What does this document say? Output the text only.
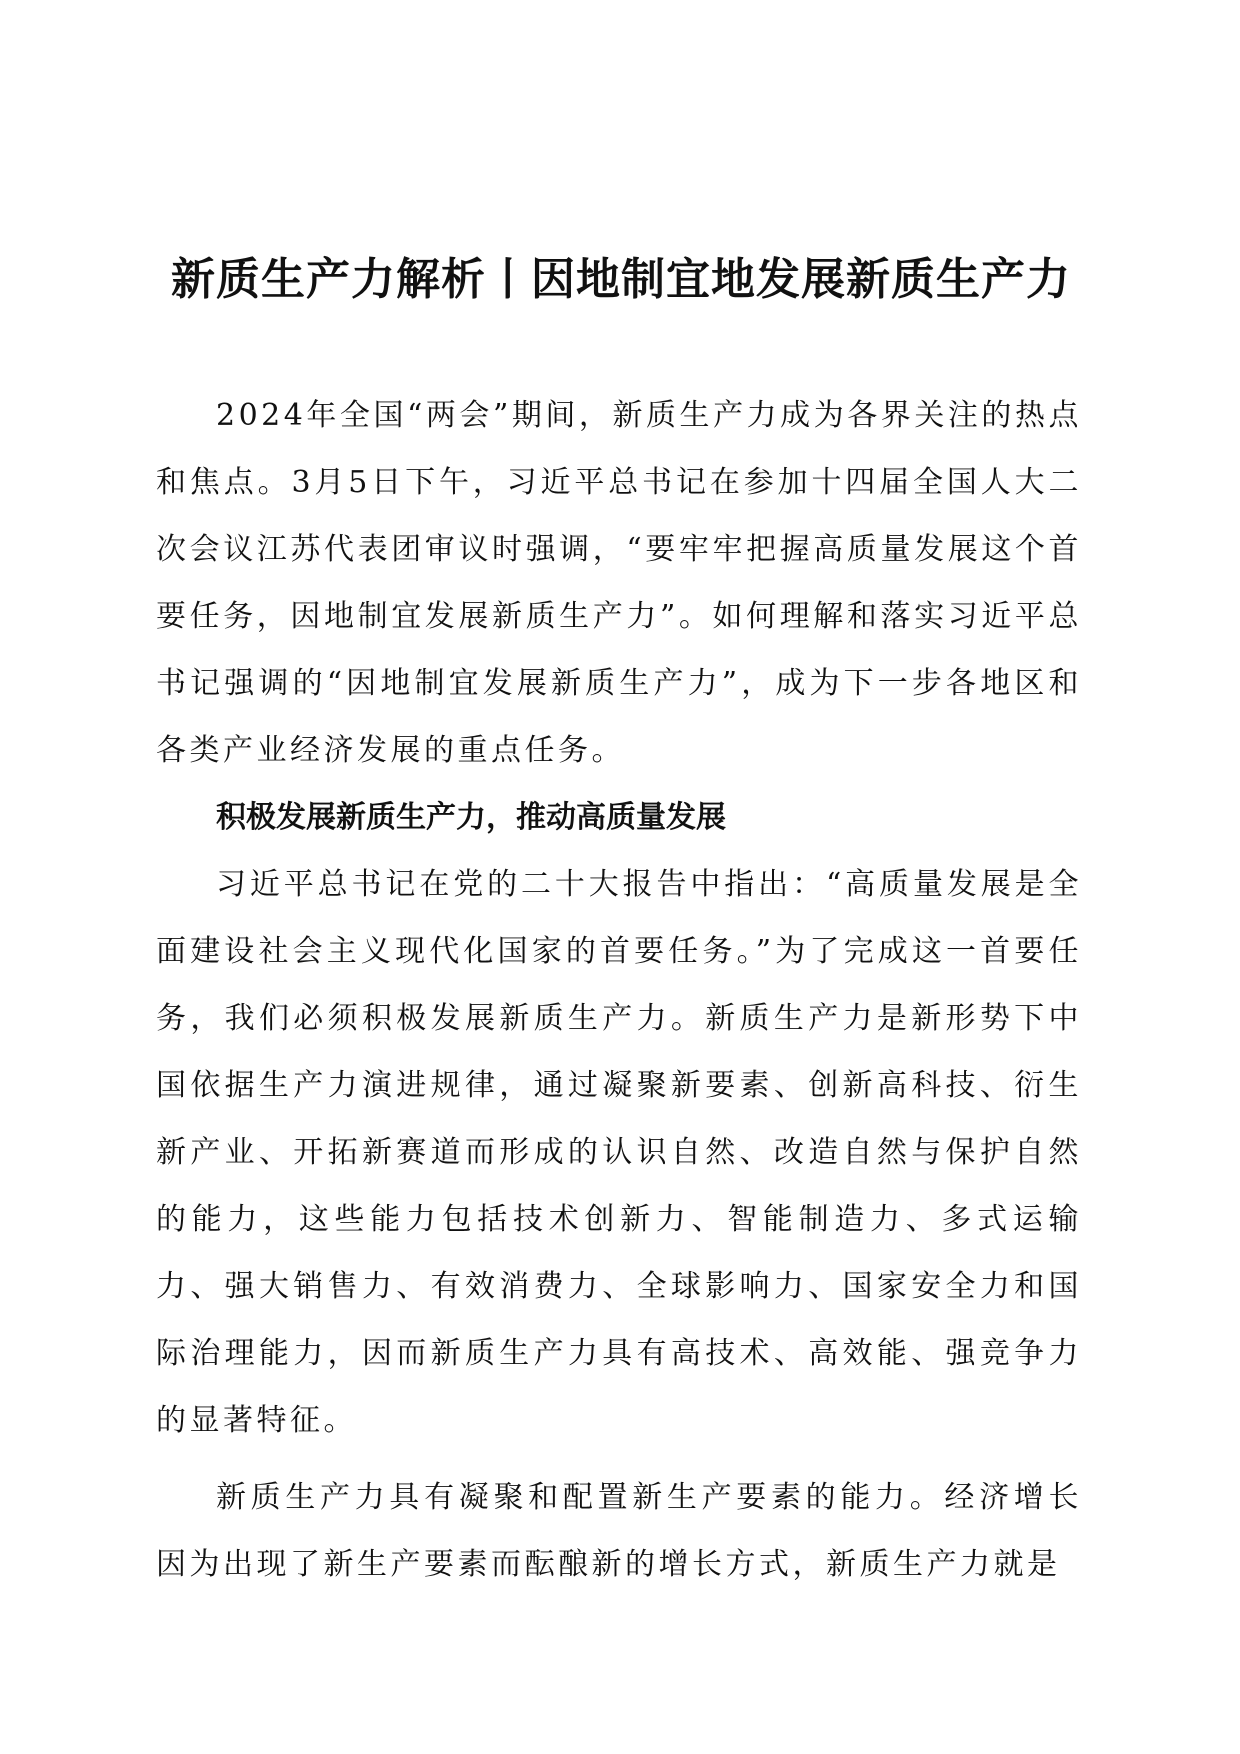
新质生产力解析丨因地制宜地发展新质生产力

2024年全国“两会”期间，新质生产力成为各界关注的热点和焦点。3月5日下午，习近平总书记在参加十四届全国人大二次会议江苏代表团审议时强调，“要牢牢把握高质量发展这个首要任务，因地制宜发展新质生产力”。如何理解和落实习近平总书记强调的“因地制宜发展新质生产力”，成为下一步各地区和各类产业经济发展的重点任务。

积极发展新质生产力，推动高质量发展

习近平总书记在党的二十大报告中指出：“高质量发展是全面建设社会主义现代化国家的首要任务。”为了完成这一首要任务，我们必须积极发展新质生产力。新质生产力是新形势下中国依据生产力演进规律，通过凝聚新要素、创新高科技、衍生新产业、开拓新赛道而形成的认识自然、改造自然与保护自然的能力，这些能力包括技术创新力、智能制造力、多式运输力、强大销售力、有效消费力、全球影响力、国家安全力和国际治理能力，因而新质生产力具有高技术、高效能、强竞争力的显著特征。

新质生产力具有凝聚和配置新生产要素的能力。经济增长因为出现了新生产要素而酝酿新的增长方式，新质生产力就是
